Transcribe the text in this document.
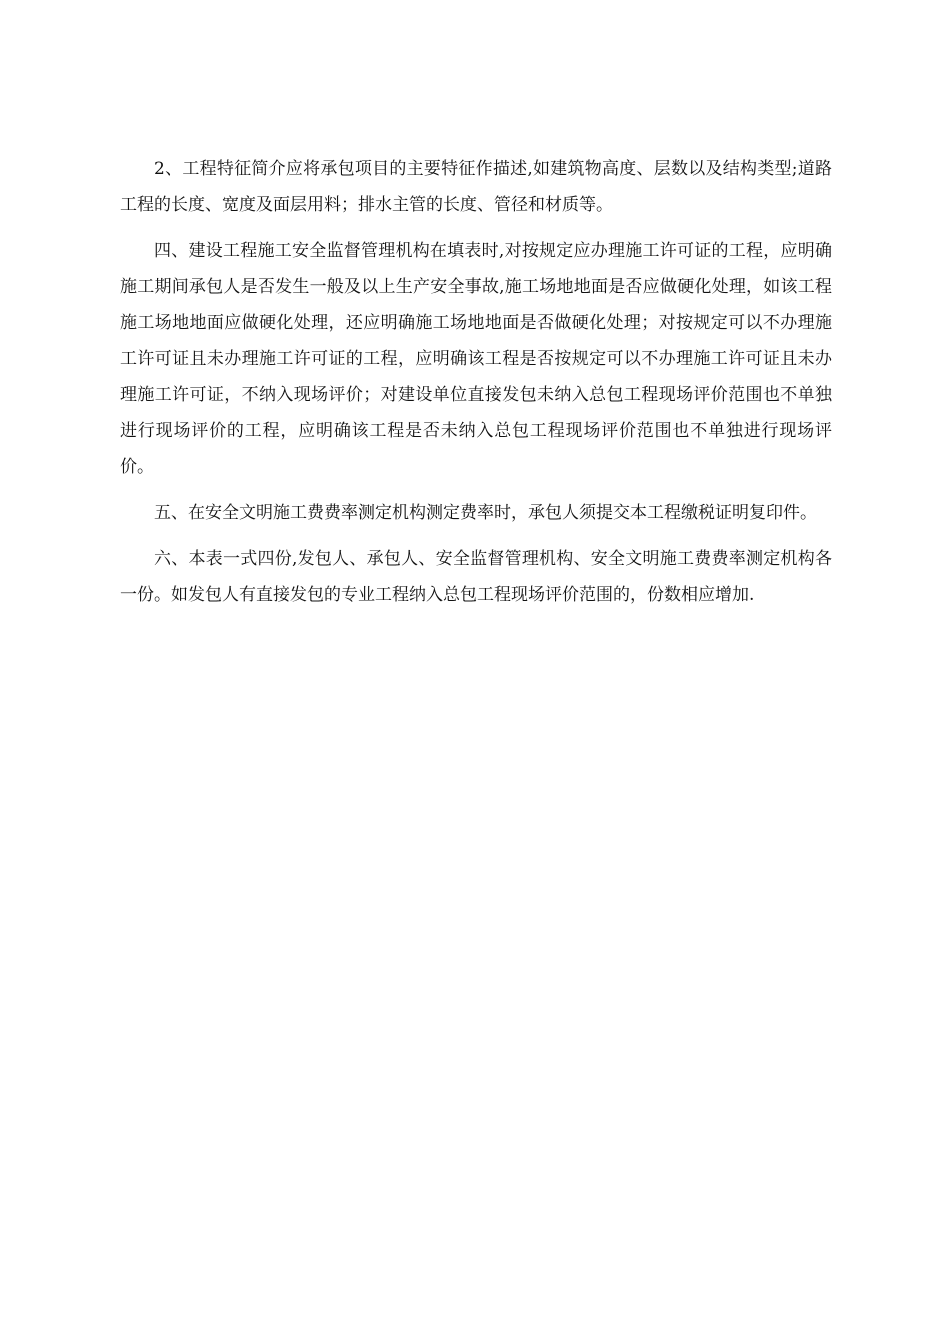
2、工程特征简介应将承包项目的主要特征作描述,如建筑物高度、层数以及结构类型;道路工程的长度、宽度及面层用料；排水主管的长度、管径和材质等。

四、建设工程施工安全监督管理机构在填表时,对按规定应办理施工许可证的工程，应明确施工期间承包人是否发生一般及以上生产安全事故,施工场地地面是否应做硬化处理，如该工程施工场地地面应做硬化处理，还应明确施工场地地面是否做硬化处理；对按规定可以不办理施工许可证且未办理施工许可证的工程，应明确该工程是否按规定可以不办理施工许可证且未办理施工许可证，不纳入现场评价；对建设单位直接发包未纳入总包工程现场评价范围也不单独进行现场评价的工程，应明确该工程是否未纳入总包工程现场评价范围也不单独进行现场评价。

五、在安全文明施工费费率测定机构测定费率时，承包人须提交本工程缴税证明复印件。

六、本表一式四份,发包人、承包人、安全监督管理机构、安全文明施工费费率测定机构各一份。如发包人有直接发包的专业工程纳入总包工程现场评价范围的，份数相应增加.
